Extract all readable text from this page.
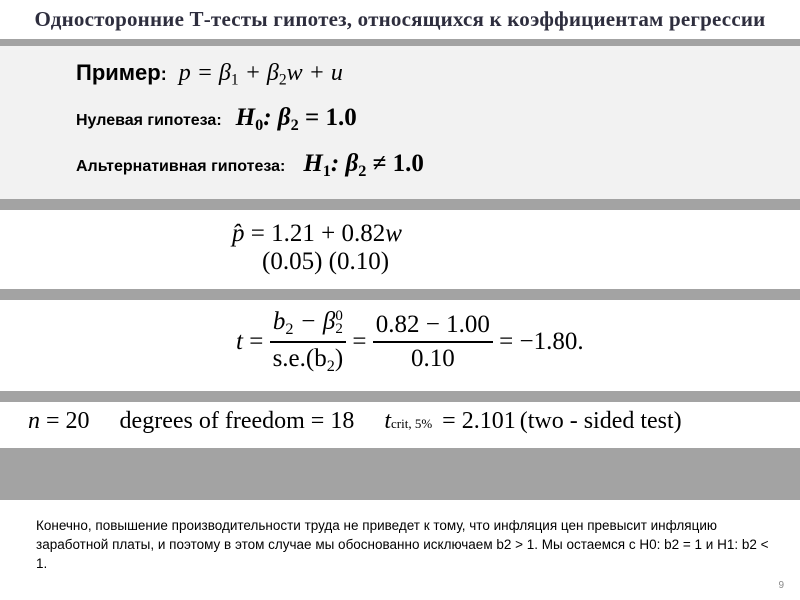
Односторонние Т-тесты гипотез, относящихся к коэффициентам регрессии
Пример : $p = \beta_1 + \beta_2w + u$
Нулевая гипотеза: $H_0$: $\beta_2 = 1.0$
Альтернативная гипотеза: $H_1$: $\beta_2 \ne 1.0$
p̂ = 1.21 + 0.82w
(0.05) (0.10)
$t = b_2 - \beta$ 0
2
$s.e.(b_2) = \frac{0.82 - 1.00}{0.10} = -1.80$.
n = 20 degrees of freedom = 18 t crit, 5% = 2.101 (two - sided test)
Конечно, повышение производительности труда не приведет к тому, что инфляция цен превысит инфляцию заработной платы, и поэтому в этом случае мы обоснованно исключаем b2 > 1. Мы остаемся с H0: b2 = 1 и H1: b2 < 1.
9
